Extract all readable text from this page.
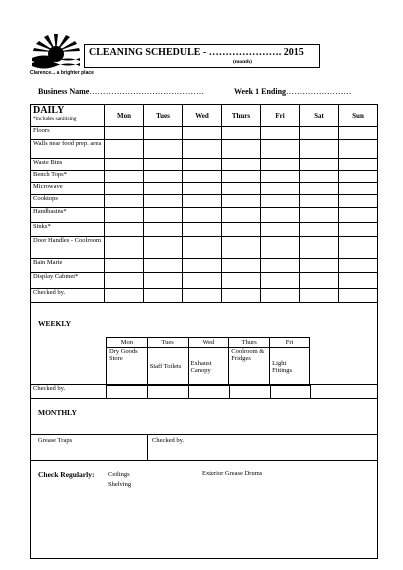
Clarence... a brighter place
CLEANING SCHEDULE - …………………. 2015
(month)
Business Name……………………………………	Week 1 Ending……………………
DAILY
*includes sanitising	Mon	Tues	Wed	Thurs	Fri	Sat	Sun
Floors							
Walls near food prep. area							
Waste Bins							
Bench Tops*							
Microwave							
Cooktops							
Handbasins*							
Sinks*							
Door Handles - Coolroom							
Bain Marie							
Display Cabinet*							
Checked by.							
WEEKLY
Mon	Tues	Wed	Thurs	Fri
Dry Goods Store	Staff Toilets	Exhaust Canopy	Coolroom & Fridges	Light Fittings
Checked by.						
MONTHLY
Grease Traps	Checked by.
Check Regularly: Ceilings
Shelving
Exterior Grease Drums
